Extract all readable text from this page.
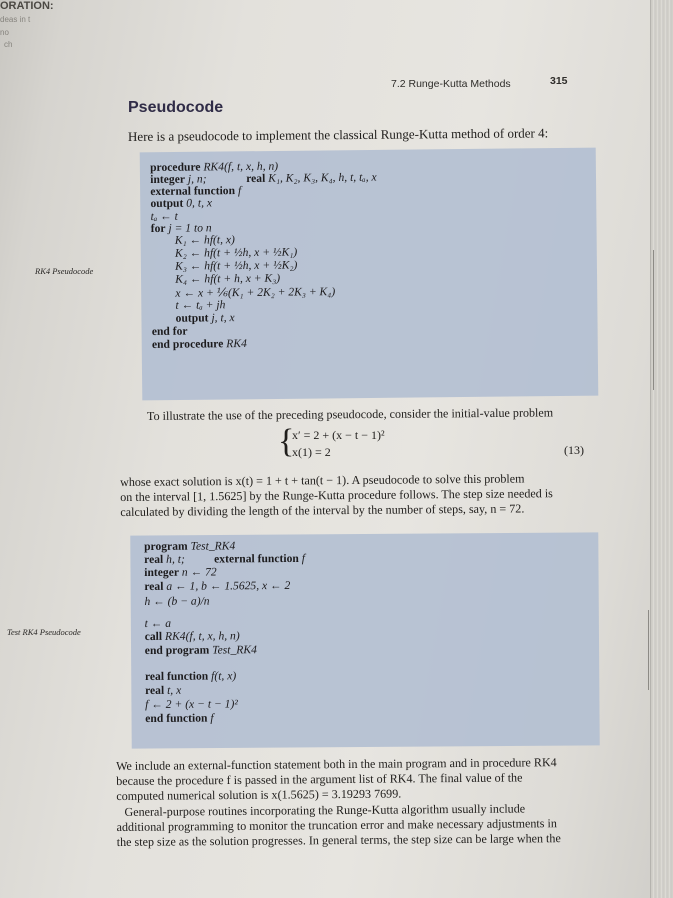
ORATION:
deas in t
no
ch
7.2 Runge-Kutta Methods	315
Pseudocode
Here is a pseudocode to implement the classical Runge-Kutta method of order 4:
RK4 Pseudocode
procedure RK4(f, t, x, h, n)
integer j, n;	real K₁, K₂, K₃, K₄, h, t, tₐ, x
external function f
output 0, t, x
tₐ ← t
for j = 1 to n
K₁ ← hf(t, x)
K₂ ← hf(t + ½h, x + ½K₁)
K₃ ← hf(t + ½h, x + ½K₂)
K₄ ← hf(t + h, x + K₃)
x ← x + ⅙(K₁ + 2K₂ + 2K₃ + K₄)
t ← tₐ + jh
output j, t, x
end for
end procedure RK4
To illustrate the use of the preceding pseudocode, consider the initial-value problem
{
x′ = 2 + (x − t − 1)²
x(1) = 2	(13)
whose exact solution is x(t) = 1 + t + tan(t − 1). A pseudocode to solve this problem
on the interval [1, 1.5625] by the Runge-Kutta procedure follows. The step size needed is
calculated by dividing the length of the interval by the number of steps, say, n = 72.
Test RK4 Pseudocode
program Test_RK4
real h, t;	external function f
integer n ← 72
real a ← 1, b ← 1.5625, x ← 2
h ← (b − a)/n
t ← a
call RK4(f, t, x, h, n)
end program Test_RK4
real function f(t, x)
real t, x
f ← 2 + (x − t − 1)²
end function f
We include an external-function statement both in the main program and in procedure RK4
because the procedure f is passed in the argument list of RK4. The final value of the
computed numerical solution is x(1.5625) = 3.19293 7699.
General-purpose routines incorporating the Runge-Kutta algorithm usually include
additional programming to monitor the truncation error and make necessary adjustments in
the step size as the solution progresses. In general terms, the step size can be large when the
